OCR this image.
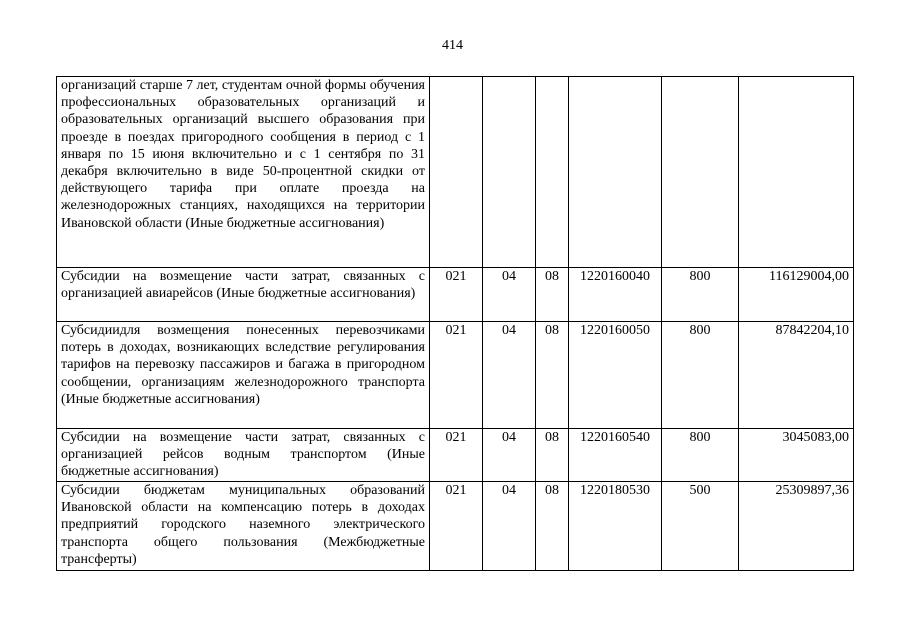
414
организаций старше 7 лет, студентам очной формы обучения профессиональных образовательных организаций и образовательных организаций высшего образования при проезде в поездах пригородного сообщения в период с 1 января по 15 июня включительно и с 1 сентября по 31 декабря включительно в виде 50-процентной скидки от действующего тарифа при оплате проезда на железнодорожных станциях, находящихся на территории Ивановской области (Иные бюджетные ассигнования)						
Субсидии на возмещение части затрат, связанных с организацией авиарейсов (Иные бюджетные ассигнования)	021	04	08	1220160040	800	116129004,00
Субсидиидля возмещения понесенных перевозчиками потерь в доходах, возникающих вследствие регулирования тарифов на перевозку пассажиров и багажа в пригородном сообщении, организациям железнодорожного транспорта (Иные бюджетные ассигнования)	021	04	08	1220160050	800	87842204,10
Субсидии на возмещение части затрат, связанных с организацией рейсов водным транспортом (Иные бюджетные ассигнования)	021	04	08	1220160540	800	3045083,00
Субсидии бюджетам муниципальных образований Ивановской области на компенсацию потерь в доходах предприятий городского наземного электрического транспорта общего пользования (Межбюджетные трансферты)	021	04	08	1220180530	500	25309897,36
